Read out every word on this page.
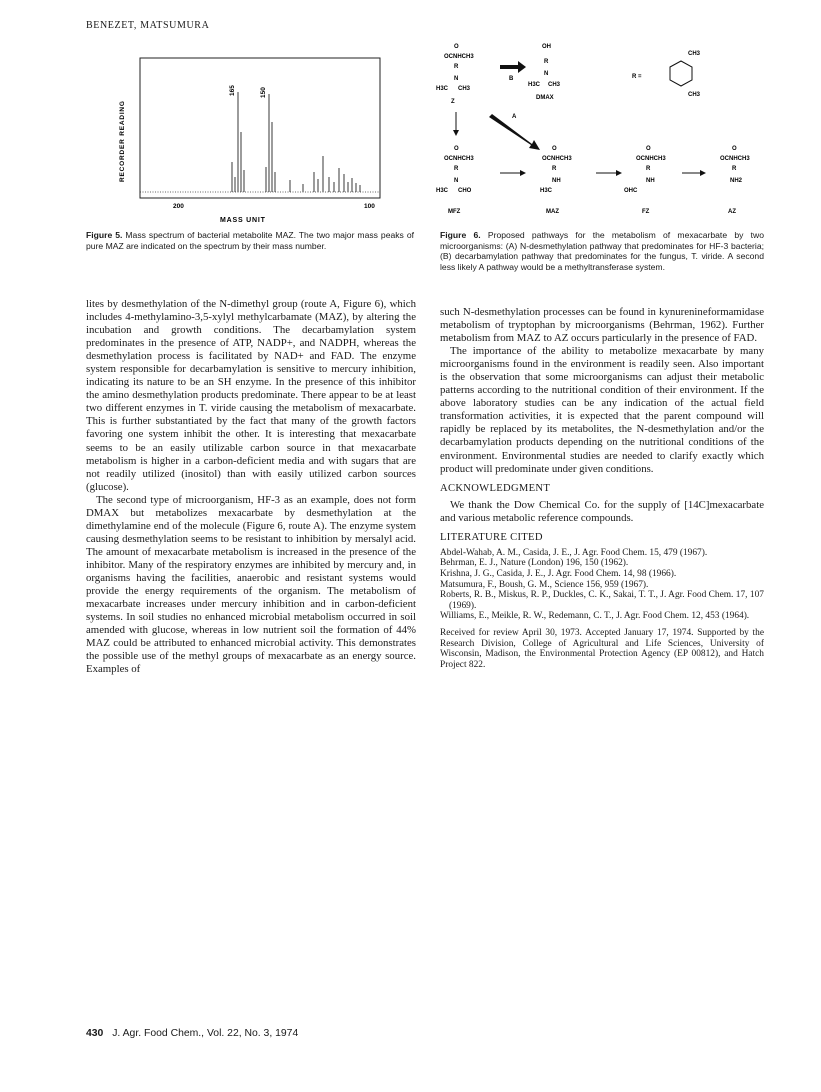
BENEZET, MATSUMURA
165	150
RECORDER READING
200	100
MASS UNIT
Figure 5. Mass spectrum of bacterial metabolite MAZ. The two major mass peaks of pure MAZ are indicated on the spectrum by their mass number.
O
OCNHCH3
R
N
H3C CH3
Z
B
OH
R
N
H3C CH3
DMAX
R =
CH3
CH3
A
O
OCNHCH3
R
N
H3C CHO
MFZ
O
OCNHCH3
R
NH
H3C
MAZ
O
OCNHCH3
R
NH
OHC
FZ
O
OCNHCH3
R
NH2
AZ
Figure 6. Proposed pathways for the metabolism of mexacarbate by two microorganisms: (A) N-desmethylation pathway that predominates for HF-3 bacteria; (B) decarbamylation pathway that predominates for the fungus, T. viride. A second less likely A pathway would be a methyltransferase system.

lites by desmethylation of the N-dimethyl group (route A, Figure 6), which includes 4-methylamino-3,5-xylyl methylcarbamate (MAZ), by altering the incubation and growth conditions. The decarbamylation system predominates in the presence of ATP, NADP+, and NADPH, whereas the desmethylation process is facilitated by NAD+ and FAD. The enzyme system responsible for decarbamylation is sensitive to mercury inhibition, indicating its nature to be an SH enzyme. In the presence of this inhibitor the amino desmethylation products predominate. There appear to be at least two different enzymes in T. viride causing the metabolism of mexacarbate. This is further substantiated by the fact that many of the growth factors favoring one system inhibit the other. It is interesting that mexacarbate seems to be an easily utilizable carbon source in that mexacarbate metabolism is higher in a carbon-deficient media and with sugars that are not readily utilized (inositol) than with easily utilized carbon sources (glucose).

The second type of microorganism, HF-3 as an example, does not form DMAX but metabolizes mexacarbate by desmethylation at the dimethylamine end of the molecule (Figure 6, route A). The enzyme system causing desmethylation seems to be resistant to inhibition by mersalyl acid. The amount of mexacarbate metabolism is increased in the presence of the inhibitor. Many of the respiratory enzymes are inhibited by mercury and, in organisms having the facilities, anaerobic and resistant systems would provide the energy requirements of the organism. The metabolism of mexacarbate increases under mercury inhibition and in carbon-deficient systems. In soil studies no enhanced microbial metabolism occurred in soil amended with glucose, whereas in low nutrient soil the formation of 44% MAZ could be attributed to enhanced microbial activity. This demonstrates the possible use of the methyl groups of mexacarbate as an energy source. Examples of

such N-desmethylation processes can be found in kynurenineformamidase metabolism of tryptophan by microorganisms (Behrman, 1962). Further metabolism from MAZ to AZ occurs particularly in the presence of FAD.

The importance of the ability to metabolize mexacarbate by many microorganisms found in the environment is readily seen. Also important is the observation that some microorganisms can adjust their metabolic patterns according to the nutritional condition of their environment. If the above laboratory studies can be any indication of the actual field transformation activities, it is expected that the parent compound will rapidly be replaced by its metabolites, the N-desmethylation and/or the decarbamylation products depending on the nutritional conditions of the environment. Environmental studies are needed to clarify exactly which product will predominate under given conditions.

ACKNOWLEDGMENT

We thank the Dow Chemical Co. for the supply of [14C]mexacarbate and various metabolic reference compounds.

LITERATURE CITED
Abdel-Wahab, A. M., Casida, J. E., J. Agr. Food Chem. 15, 479 (1967).
Behrman, E. J., Nature (London) 196, 150 (1962).
Krishna, J. G., Casida, J. E., J. Agr. Food Chem. 14, 98 (1966).
Matsumura, F., Boush, G. M., Science 156, 959 (1967).
Roberts, R. B., Miskus, R. P., Duckles, C. K., Sakai, T. T., J. Agr. Food Chem. 17, 107 (1969).
Williams, E., Meikle, R. W., Redemann, C. T., J. Agr. Food Chem. 12, 453 (1964).
Received for review April 30, 1973. Accepted January 17, 1974. Supported by the Research Division, College of Agricultural and Life Sciences, University of Wisconsin, Madison, the Environmental Protection Agency (EP 00812), and Hatch Project 822.
430 J. Agr. Food Chem., Vol. 22, No. 3, 1974
